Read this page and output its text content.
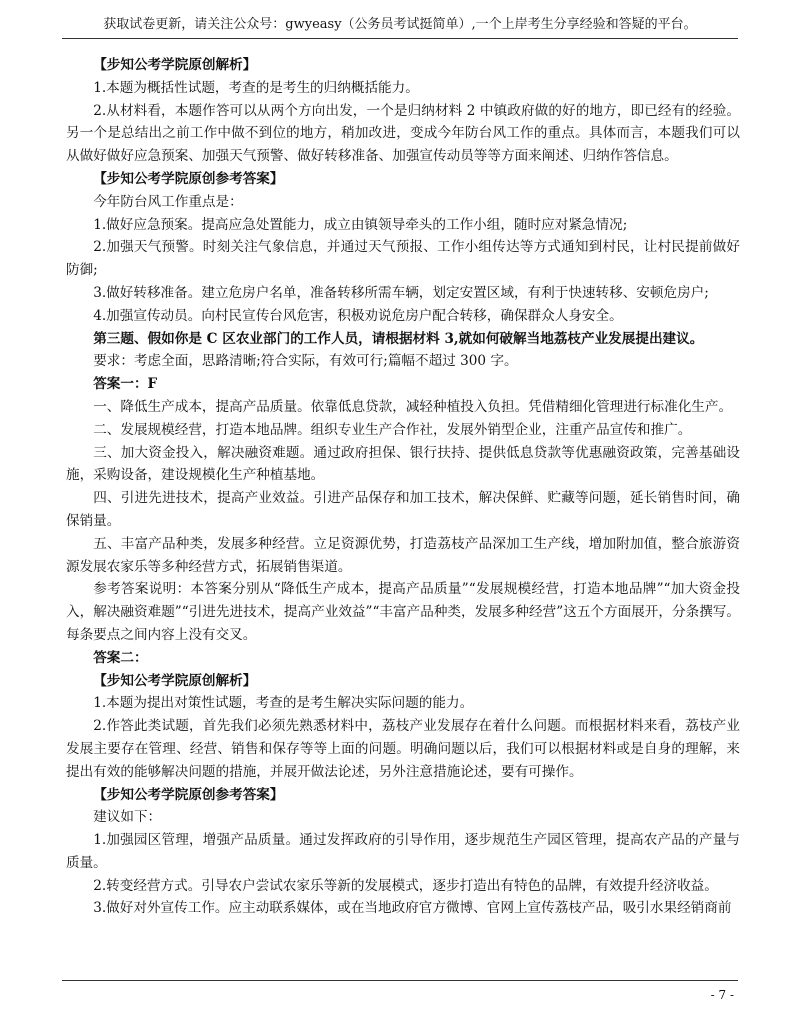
获取试卷更新，请关注公众号：gwyeasy（公务员考试挺简单）,一个上岸考生分享经验和答疑的平台。

【步知公考学院原创解析】

1.本题为概括性试题，考查的是考生的归纳概括能力。

2.从材料看，本题作答可以从两个方向出发，一个是归纳材料 2 中镇政府做的好的地方，即已经有的经验。另一个是总结出之前工作中做不到位的地方，稍加改进，变成今年防台风工作的重点。具体而言，本题我们可以从做好做好应急预案、加强天气预警、做好转移准备、加强宣传动员等等方面来阐述、归纳作答信息。

【步知公考学院原创参考答案】

今年防台风工作重点是：

1.做好应急预案。提高应急处置能力，成立由镇领导牵头的工作小组，随时应对紧急情况;

2.加强天气预警。时刻关注气象信息，并通过天气预报、工作小组传达等方式通知到村民，让村民提前做好防御;

3.做好转移准备。建立危房户名单，准备转移所需车辆，划定安置区域，有利于快速转移、安顿危房户;

4.加强宣传动员。向村民宣传台风危害，积极劝说危房户配合转移，确保群众人身安全。

第三题、假如你是 C 区农业部门的工作人员，请根据材料 3,就如何破解当地荔枝产业发展提出建议。

要求：考虑全面，思路清晰;符合实际，有效可行;篇幅不超过 300 字。

答案一：F

一、降低生产成本，提高产品质量。依靠低息贷款，减轻种植投入负担。凭借精细化管理进行标准化生产。

二、发展规模经营，打造本地品牌。组织专业生产合作社，发展外销型企业，注重产品宣传和推广。

三、加大资金投入，解决融资难题。通过政府担保、银行扶持、提供低息贷款等优惠融资政策，完善基础设施，采购设备，建设规模化生产种植基地。

四、引进先进技术，提高产业效益。引进产品保存和加工技术，解决保鲜、贮藏等问题，延长销售时间，确保销量。

五、丰富产品种类，发展多种经营。立足资源优势，打造荔枝产品深加工生产线，增加附加值，整合旅游资源发展农家乐等多种经营方式，拓展销售渠道。

参考答案说明：本答案分别从“降低生产成本，提高产品质量”“发展规模经营，打造本地品牌”“加大资金投入，解决融资难题”“引进先进技术，提高产业效益”“丰富产品种类，发展多种经营”这五个方面展开，分条撰写。每条要点之间内容上没有交叉。

答案二：

【步知公考学院原创解析】

1.本题为提出对策性试题，考查的是考生解决实际问题的能力。

2.作答此类试题，首先我们必须先熟悉材料中，荔枝产业发展存在着什么问题。而根据材料来看，荔枝产业发展主要存在管理、经营、销售和保存等等上面的问题。明确问题以后，我们可以根据材料或是自身的理解，来提出有效的能够解决问题的措施，并展开做法论述，另外注意措施论述，要有可操作。

【步知公考学院原创参考答案】

建议如下：

1.加强园区管理，增强产品质量。通过发挥政府的引导作用，逐步规范生产园区管理，提高农产品的产量与质量。

2.转变经营方式。引导农户尝试农家乐等新的发展模式，逐步打造出有特色的品牌，有效提升经济收益。

3.做好对外宣传工作。应主动联系媒体，或在当地政府官方微博、官网上宣传荔枝产品，吸引水果经销商前

- 7 -
